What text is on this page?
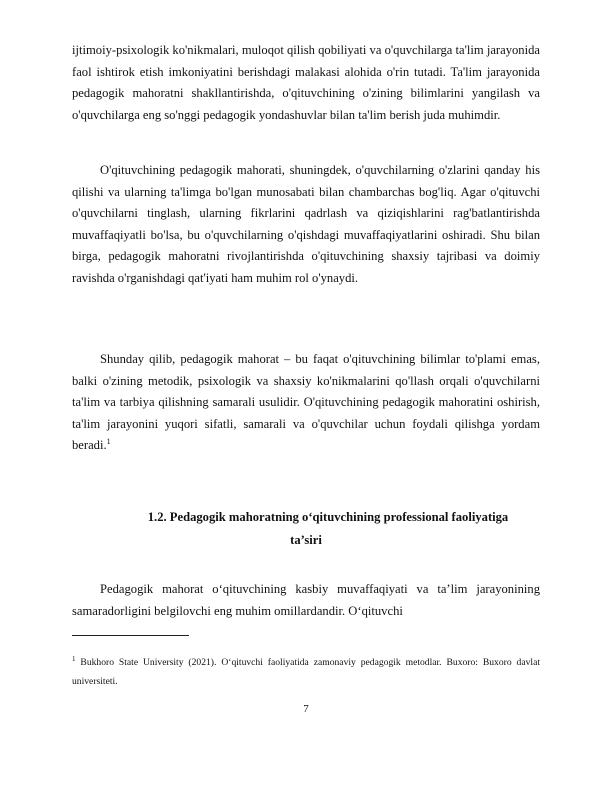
ijtimoiy-psixologik ko'nikmalari, muloqot qilish qobiliyati va o'quvchilarga ta'lim jarayonida faol ishtirok etish imkoniyatini berishdagi malakasi alohida o'rin tutadi. Ta'lim jarayonida pedagogik mahoratni shakllantirishda, o'qituvchining o'zining bilimlarini yangilash va o'quvchilarga eng so'nggi pedagogik yondashuvlar bilan ta'lim berish juda muhimdir.

O'qituvchining pedagogik mahorati, shuningdek, o'quvchilarning o'zlarini qanday his qilishi va ularning ta'limga bo'lgan munosabati bilan chambarchas bog'liq. Agar o'qituvchi o'quvchilarni tinglash, ularning fikrlarini qadrlash va qiziqishlarini rag'batlantirishda muvaffaqiyatli bo'lsa, bu o'quvchilarning o'qishdagi muvaffaqiyatlarini oshiradi. Shu bilan birga, pedagogik mahoratni rivojlantirishda o'qituvchining shaxsiy tajribasi va doimiy ravishda o'rganishdagi qat'iyati ham muhim rol o'ynaydi.

Shunday qilib, pedagogik mahorat – bu faqat o'qituvchining bilimlar to'plami emas, balki o'zining metodik, psixologik va shaxsiy ko'nikmalarini qo'llash orqali o'quvchilarni ta'lim va tarbiya qilishning samarali usulidir. O'qituvchining pedagogik mahoratini oshirish, ta'lim jarayonini yuqori sifatli, samarali va o'quvchilar uchun foydali qilishga yordam beradi.$^1$

1.2. Pedagogik mahoratning o‘qituvchining professional faoliyatiga
ta’siri

Pedagogik mahorat o‘qituvchining kasbiy muvaffaqiyati va ta’lim jarayonining samaradorligini belgilovchi eng muhim omillardandir. O‘qituvchi

$^1$ Bukhoro State University (2021). O‘qituvchi faoliyatida zamonaviy pedagogik metodlar. Buxoro: Buxoro davlat universiteti.

7
